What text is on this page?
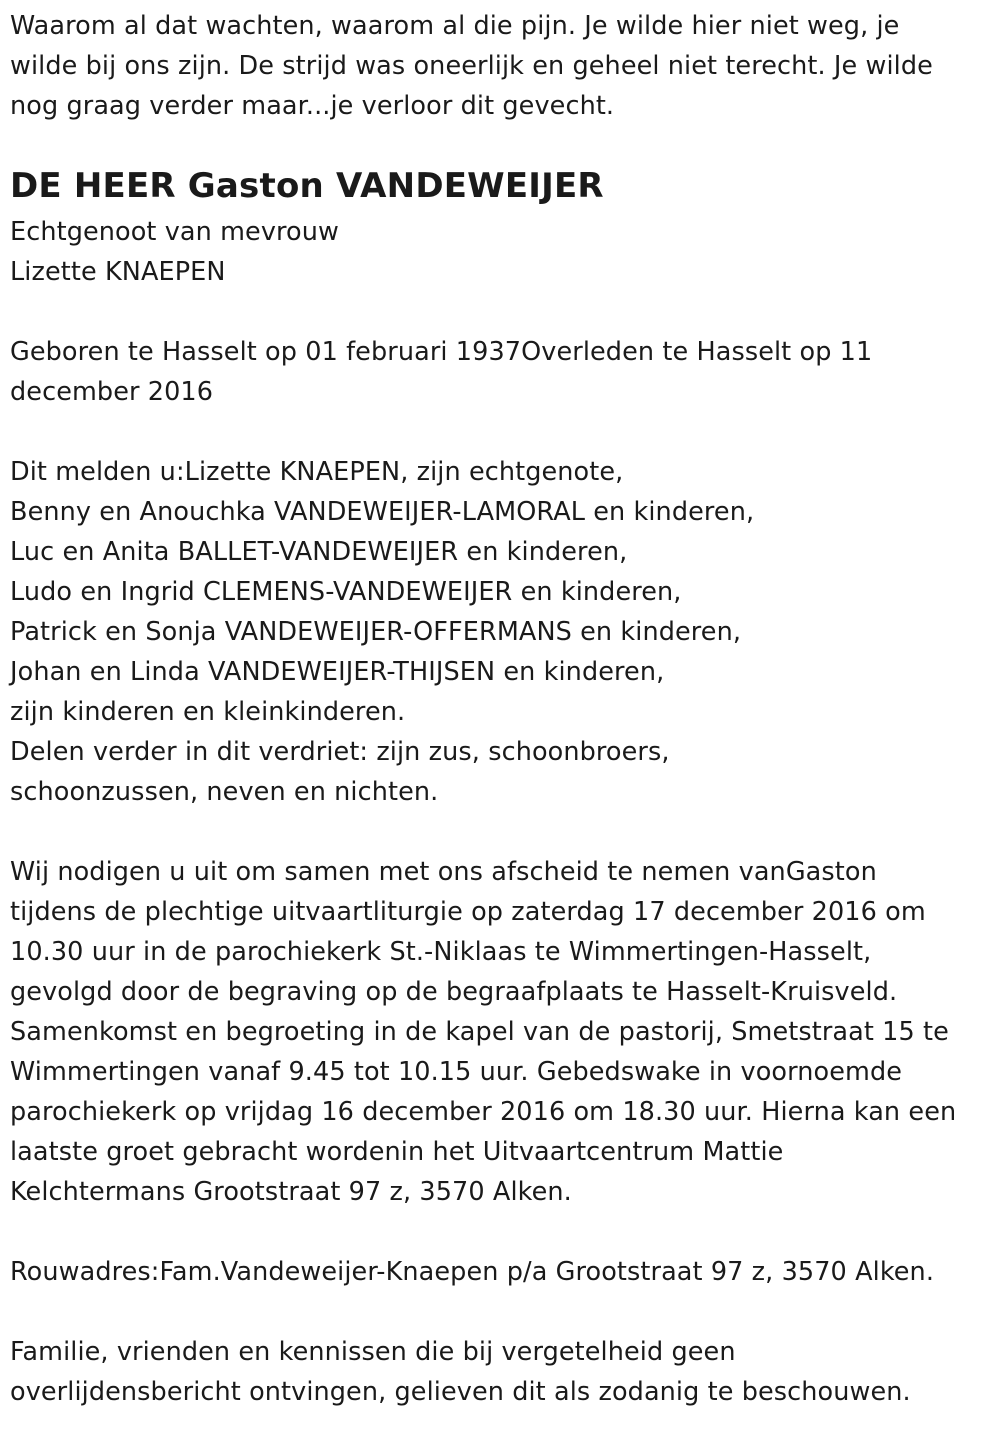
Waarom al dat wachten, waarom al die pijn. Je wilde hier niet weg, je
wilde bij ons zijn. De strijd was oneerlijk en geheel niet terecht. Je wilde
nog graag verder maar...je verloor dit gevecht.
DE HEER Gaston VANDEWEIJER
Echtgenoot van mevrouw
Lizette KNAEPEN
Geboren te Hasselt op 01 februari 1937Overleden te Hasselt op 11
december 2016
Dit melden u:Lizette KNAEPEN, zijn echtgenote,
Benny en Anouchka VANDEWEIJER-LAMORAL en kinderen,
Luc en Anita BALLET-VANDEWEIJER en kinderen,
Ludo en Ingrid CLEMENS-VANDEWEIJER en kinderen,
Patrick en Sonja VANDEWEIJER-OFFERMANS en kinderen,
Johan en Linda VANDEWEIJER-THIJSEN en kinderen,
zijn kinderen en kleinkinderen.
Delen verder in dit verdriet: zijn zus, schoonbroers,
schoonzussen, neven en nichten.
Wij nodigen u uit om samen met ons afscheid te nemen vanGaston
tijdens de plechtige uitvaartliturgie op zaterdag 17 december 2016 om
10.30 uur in de parochiekerk St.-Niklaas te Wimmertingen-Hasselt,
gevolgd door de begraving op de begraafplaats te Hasselt-Kruisveld.
Samenkomst en begroeting in de kapel van de pastorij, Smetstraat 15 te
Wimmertingen vanaf 9.45 tot 10.15 uur. Gebedswake in voornoemde
parochiekerk op vrijdag 16 december 2016 om 18.30 uur. Hierna kan een
laatste groet gebracht wordenin het Uitvaartcentrum Mattie
Kelchtermans Grootstraat 97 z, 3570 Alken.
Rouwadres:Fam.Vandeweijer-Knaepen p/a Grootstraat 97 z, 3570 Alken.
Familie, vrienden en kennissen die bij vergetelheid geen
overlijdensbericht ontvingen, gelieven dit als zodanig te beschouwen.
